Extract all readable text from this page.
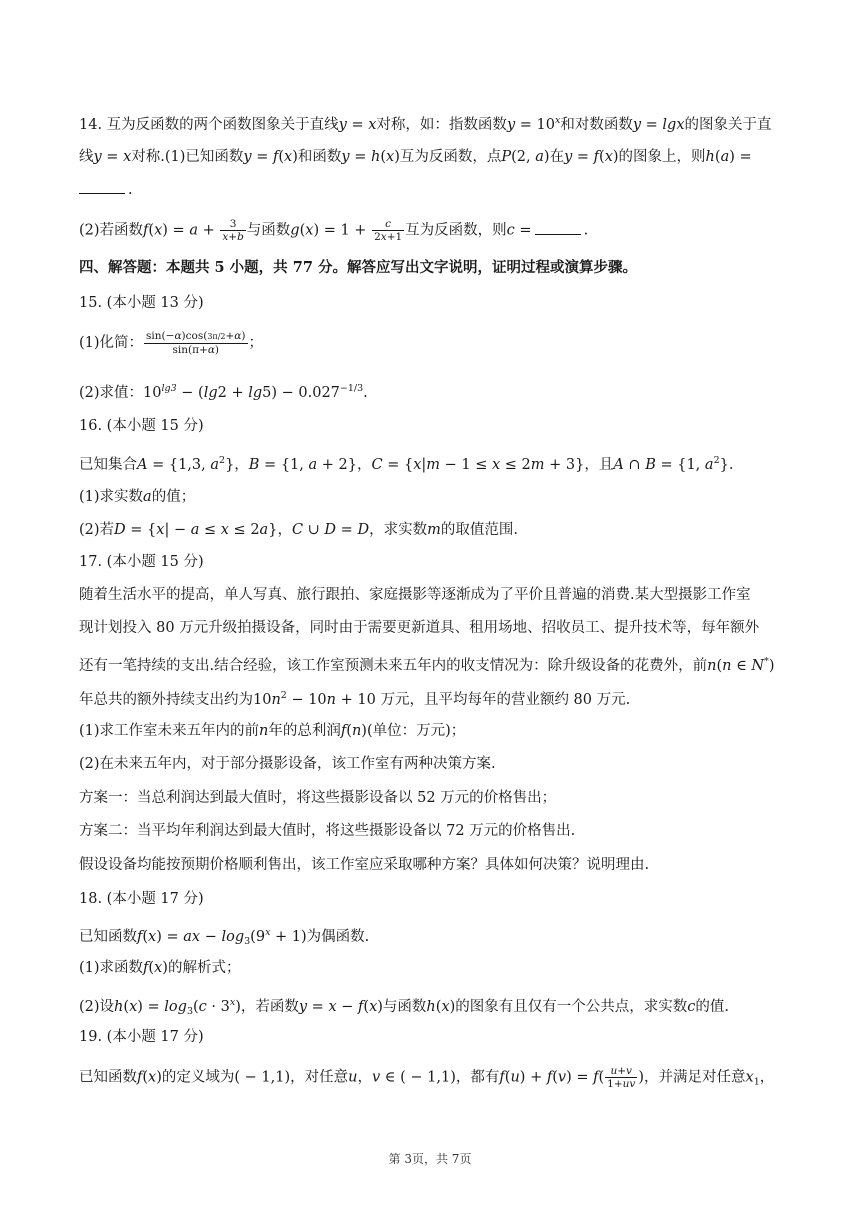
14. 互为反函数的两个函数图象关于直线y = x对称，如：指数函数$y = 10^x$和对数函数y = lgx的图象关于直
线y = x对称.(1)已知函数y = f(x)和函数y = h(x)互为反函数，点P(2, a)在y = f(x)的图象上，则h(a) =
.
(2)若函数$f(x) = a + \frac{3}{x+b}$ 与函数$g(x) = 1 + \frac{c}{2x+1}$ 互为反函数，则c =	.
四、解答题：本题共 5 小题，共 77 分。解答应写出文字说明，证明过程或演算步骤。
15. (本小题 13 分)
(1)化简： $\frac{\sin(-\alpha)\cos(3\pi/2+\alpha)}{\sin(\pi+\alpha)}$ ；
(2)求值：$10^{lg3} - (\lg 2 + \lg 5) - 0.027^{-1/3}$.
16. (本小题 15 分)
已知集合A = {1,3, $a^2$}，B = {1, a + 2}，C = {x|m − 1 ≤ x ≤ 2m + 3}，且A ∩ B = {1, $a^2$}.
(1)求实数a的值；
(2)若D = {x| − a ≤ x ≤ 2a}，C ∪ D = D，求实数m的取值范围.
17. (本小题 15 分)
随着生活水平的提高，单人写真、旅行跟拍、家庭摄影等逐渐成为了平价且普遍的消费.某大型摄影工作室
现计划投入 80 万元升级拍摄设备，同时由于需要更新道具、租用场地、招收员工、提升技术等，每年额外
还有一笔持续的支出.结合经验，该工作室预测未来五年内的收支情况为：除升级设备的花费外，前n(n ∈ N*)
年总共的额外持续支出约为$10n^2 - 10n + 10$ 万元，且平均每年的营业额约 80 万元.
(1)求工作室未来五年内的前n年的总利润f(n)(单位：万元)；
(2)在未来五年内，对于部分摄影设备，该工作室有两种决策方案.
方案一：当总利润达到最大值时，将这些摄影设备以 52 万元的价格售出；
方案二：当平均年利润达到最大值时，将这些摄影设备以 72 万元的价格售出.
假设设备均能按预期价格顺利售出，该工作室应采取哪种方案？具体如何决策？说明理由.
18. (本小题 17 分)
已知函数f(x) = ax − $\log_3(9^x + 1)$为偶函数.
(1)求函数f(x)的解析式；
(2)设$h(x) = \log_3(c \cdot 3^x)$，若函数y = x − f(x)与函数h(x)的图象有且仅有一个公共点，求实数c的值.
19. (本小题 17 分)
已知函数f(x)的定义域为( − 1,1)，对任意u，v ∈ ( − 1,1)，都有$f(u) + f(v) = f( \frac{u+v}{1+uv}$ )，并满足对任意$x_1$，
第 3页，共 7页
